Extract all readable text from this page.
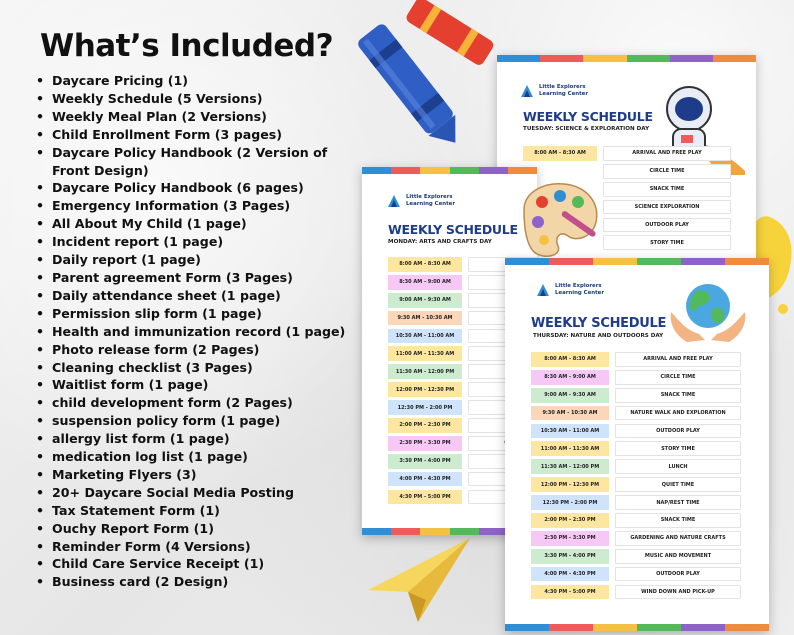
What’s Included?
• Daycare Pricing (1)
• Weekly Schedule (5 Versions)
• Weekly Meal Plan (2 Versions)
• Child Enrollment Form (3 pages)
• Daycare Policy Handbook (2 Version of Front Design)
• Daycare Policy Handbook (6 pages)
• Emergency Information (3 Pages)
• All About My Child (1 page)
• Incident report (1 page)
• Daily report (1 page)
• Parent agreement Form (3 Pages)
• Daily attendance sheet (1 page)
• Permission slip form (1 page)
• Health and immunization record (1 page)
• Photo release form (2 Pages)
• Cleaning checklist (3 Pages)
• Waitlist form (1 page)
• child development form (2 Pages)
• suspension policy form (1 page)
• allergy list form (1 page)
• medication log list (1 page)
• Marketing Flyers (3)
• 20+ Daycare Social Media Posting
• Tax Statement Form (1)
• Ouchy Report Form (1)
• Reminder Form (4 Versions)
• Child Care Service Receipt (1)
• Business card (2 Design)
Little Explorers Learning Center
WEEKLY SCHEDULE
TUESDAY: SCIENCE & EXPLORATION DAY
8:00 AM - 8:30 AM	ARRIVAL AND FREE PLAY
CIRCLE TIME
SNACK TIME
SCIENCE EXPLORATION
OUTDOOR PLAY
STORY TIME
Little Explorers Learning Center
WEEKLY SCHEDULE
MONDAY: ARTS AND CRAFTS DAY
8:00 AM - 8:30 AM
8:30 AM - 9:00 AM
9:00 AM - 9:30 AM
9:30 AM - 10:30 AM
10:30 AM - 11:00 AM
11:00 AM - 11:30 AM
11:30 AM - 12:00 PM
12:00 PM - 12:30 PM
12:30 PM - 2:00 PM
2:00 PM - 2:30 PM
2:30 PM - 3:30 PM
3:30 PM - 4:00 PM
4:00 PM - 4:30 PM
4:30 PM - 5:00 PM
Little Explorers Learning Center
WEEKLY SCHEDULE
THURSDAY: NATURE AND OUTDOORS DAY
8:00 AM - 8:30 AM	ARRIVAL AND FREE PLAY
8:30 AM - 9:00 AM	CIRCLE TIME
9:00 AM - 9:30 AM	SNACK TIME
9:30 AM - 10:30 AM	NATURE WALK AND EXPLORATION
10:30 AM - 11:00 AM	OUTDOOR PLAY
11:00 AM - 11:30 AM	STORY TIME
11:30 AM - 12:00 PM	LUNCH
12:00 PM - 12:30 PM	QUIET TIME
12:30 PM - 2:00 PM	NAP/REST TIME
2:00 PM - 2:30 PM	SNACK TIME
2:30 PM - 3:30 PM	GARDENING AND NATURE CRAFTS
3:30 PM - 4:00 PM	MUSIC AND MOVEMENT
4:00 PM - 4:30 PM	OUTDOOR PLAY
4:30 PM - 5:00 PM	WIND DOWN AND PICK-UP
